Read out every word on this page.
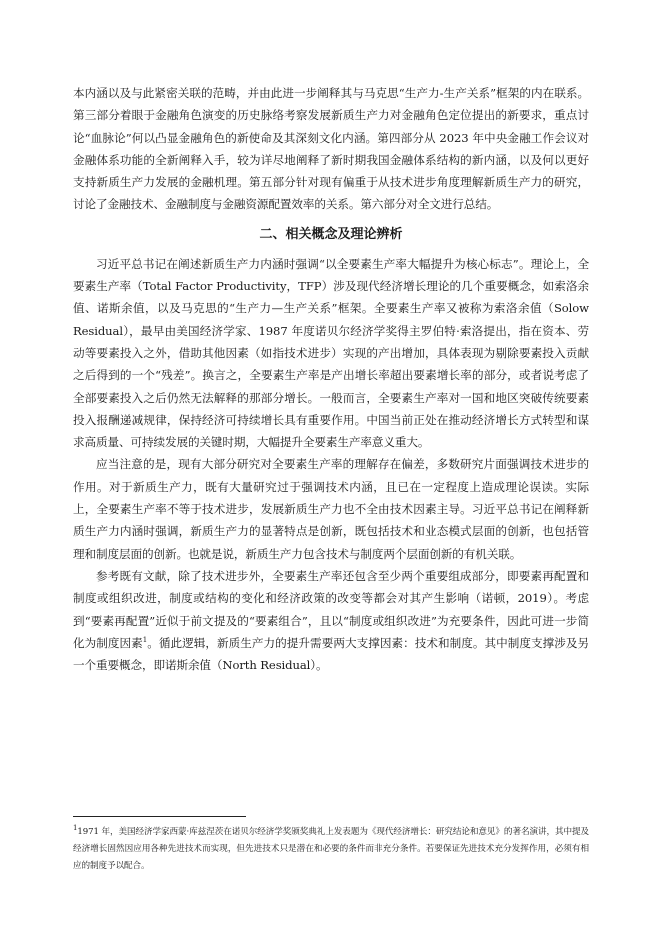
本内涵以及与此紧密关联的范畴，并由此进一步阐释其与马克思“生产力-生产关系”框架的内在联系。第三部分着眼于金融角色演变的历史脉络考察发展新质生产力对金融角色定位提出的新要求，重点讨论“血脉论”何以凸显金融角色的新使命及其深刻文化内涵。第四部分从 2023 年中央金融工作会议对金融体系功能的全新阐释入手，较为详尽地阐释了新时期我国金融体系结构的新内涵，以及何以更好支持新质生产力发展的金融机理。第五部分针对现有偏重于从技术进步角度理解新质生产力的研究，讨论了金融技术、金融制度与金融资源配置效率的关系。第六部分对全文进行总结。

二、相关概念及理论辨析

习近平总书记在阐述新质生产力内涵时强调“以全要素生产率大幅提升为核心标志”。理论上，全要素生产率（Total Factor Productivity，TFP）涉及现代经济增长理论的几个重要概念，如索洛余值、诺斯余值，以及马克思的“生产力—生产关系”框架。全要素生产率又被称为索洛余值（Solow Residual），最早由美国经济学家、1987 年度诺贝尔经济学奖得主罗伯特·索洛提出，指在资本、劳动等要素投入之外，借助其他因素（如指技术进步）实现的产出增加，具体表现为剔除要素投入贡献之后得到的一个“残差”。换言之，全要素生产率是产出增长率超出要素增长率的部分，或者说考虑了全部要素投入之后仍然无法解释的那部分增长。一般而言，全要素生产率对一国和地区突破传统要素投入报酬递减规律，保持经济可持续增长具有重要作用。中国当前正处在推动经济增长方式转型和谋求高质量、可持续发展的关键时期，大幅提升全要素生产率意义重大。

应当注意的是，现有大部分研究对全要素生产率的理解存在偏差，多数研究片面强调技术进步的作用。对于新质生产力，既有大量研究过于强调技术内涵，且已在一定程度上造成理论误读。实际上，全要素生产率不等于技术进步，发展新质生产力也不全由技术因素主导。习近平总书记在阐释新质生产力内涵时强调，新质生产力的显著特点是创新，既包括技术和业态模式层面的创新，也包括管理和制度层面的创新。也就是说，新质生产力包含技术与制度两个层面创新的有机关联。

参考既有文献，除了技术进步外，全要素生产率还包含至少两个重要组成部分，即要素再配置和制度或组织改进，制度或结构的变化和经济政策的改变等都会对其产生影响（诺顿，2019）。考虑到“要素再配置”近似于前文提及的“要素组合”，且以“制度或组织改进”为充要条件，因此可进一步简化为制度因素$^1$。循此逻辑，新质生产力的提升需要两大支撑因素：技术和制度。其中制度支撑涉及另一个重要概念，即诺斯余值（North Residual）。

$^1$1971 年，美国经济学家西蒙·库兹涅茨在诺贝尔经济学奖颁奖典礼上发表题为《现代经济增长：研究结论和意见》的著名演讲，其中提及经济增长固然因应用各种先进技术而实现，但先进技术只是潜在和必要的条件而非充分条件。若要保证先进技术充分发挥作用，必须有相应的制度予以配合。
